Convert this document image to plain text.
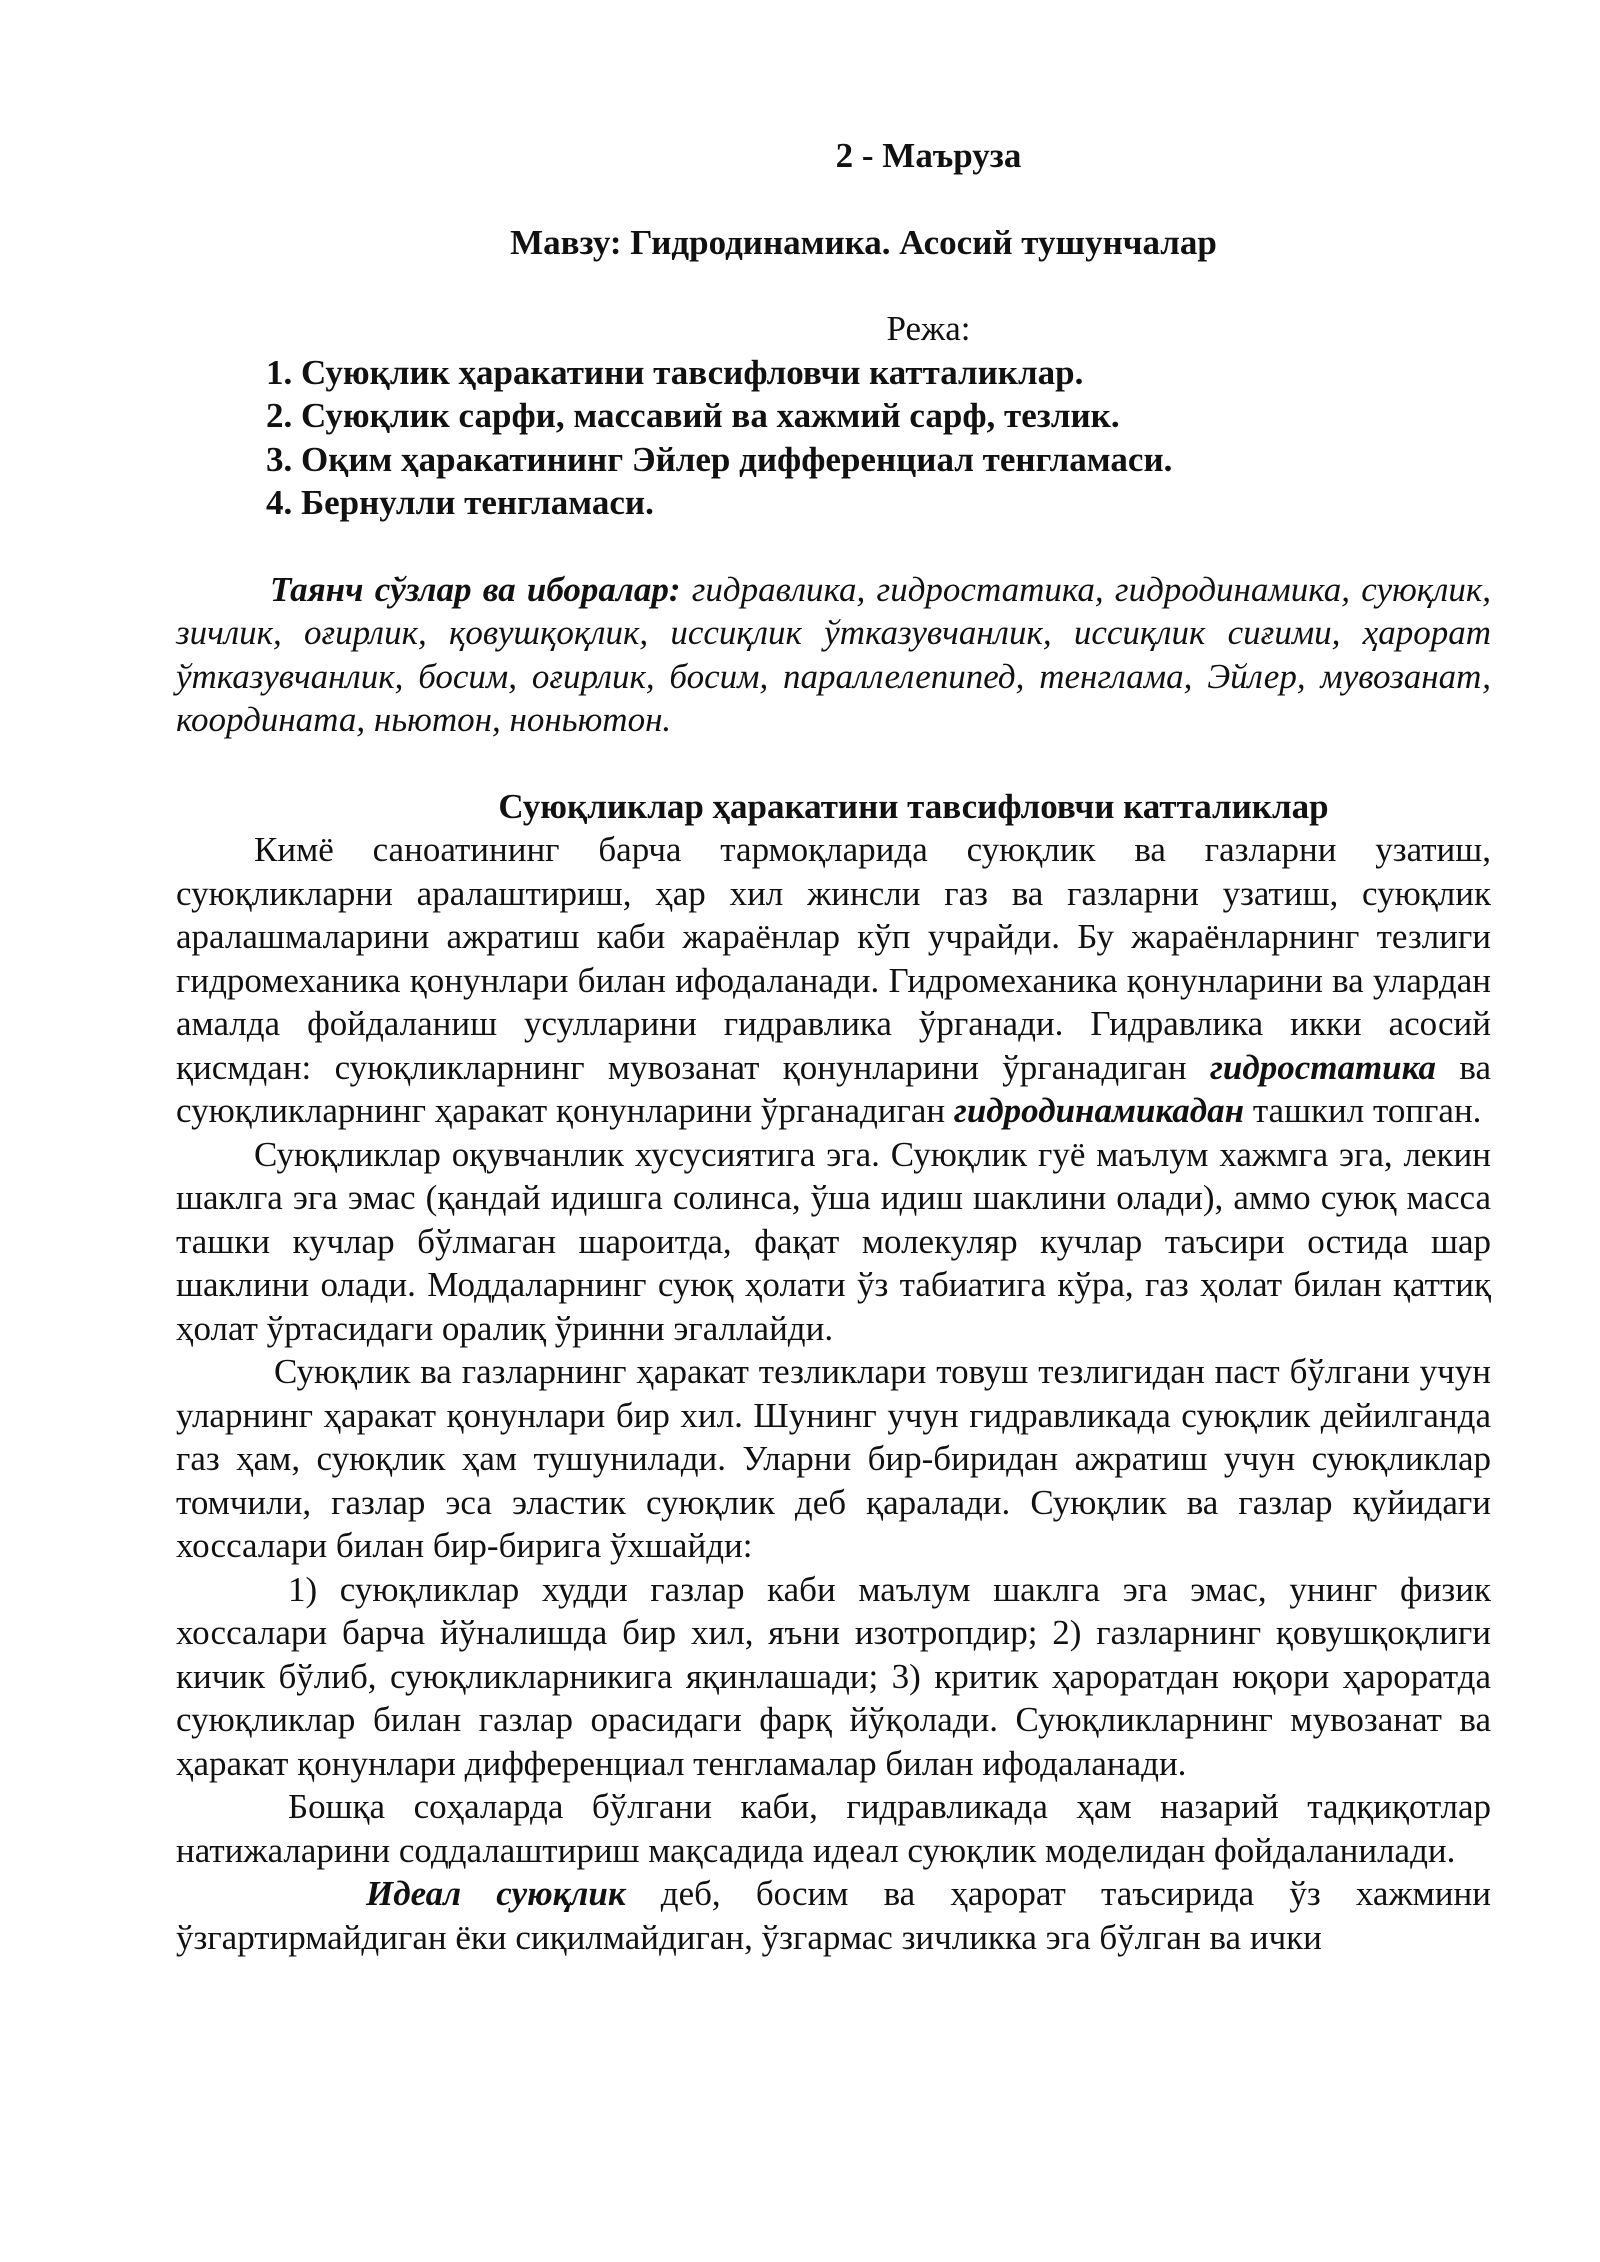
2 - Маъруза
Мавзу: Гидродинамика. Асосий тушунчалар
Режа:
1. Суюқлик ҳаракатини тавсифловчи катталиклар.
2. Суюқлик сарфи, массавий ва хажмий сарф, тезлик.
3. Оқим ҳаракатининг Эйлер дифференциал тенгламаси.
4. Бернулли тенгламаси.
Таянч сўзлар ва иборалар: гидравлика, гидростатика, гидродинамика, суюқлик, зичлик, оғирлик, қовушқоқлик, иссиқлик ўтказувчанлик, иссиқлик сиғими, ҳарорат ўтказувчанлик, босим, оғирлик, босим, параллелепипед, тенглама, Эйлер, мувозанат, координата, ньютон, ноньютон.
Суюқликлар ҳаракатини тавсифловчи катталиклар

Кимё саноатининг барча тармоқларида суюқлик ва газларни узатиш, суюқликларни аралаштириш, ҳар хил жинсли газ ва газларни узатиш, суюқлик аралашмаларини ажратиш каби жараёнлар кўп учрайди. Бу жараёнларнинг тезлиги гидромеханика қонунлари билан ифодаланади. Гидромеханика қонунларини ва улардан амалда фойдаланиш усулларини гидравлика ўрганади. Гидравлика икки асосий қисмдан: суюқликларнинг мувозанат қонунларини ўрганадиган гидростатика ва суюқликларнинг ҳаракат қонунларини ўрганадиган гидродинамикадан ташкил топган.

Суюқликлар оқувчанлик хусусиятига эга. Суюқлик гуё маълум хажмга эга, лекин шаклга эга эмас (қандай идишга солинса, ўша идиш шаклини олади), аммо суюқ масса ташки кучлар бўлмаган шароитда, фақат молекуляр кучлар таъсири остида шар шаклини олади. Моддаларнинг суюқ ҳолати ўз табиатига кўра, газ ҳолат билан қаттиқ ҳолат ўртасидаги оралиқ ўринни эгаллайди.

Суюқлик ва газларнинг ҳаракат тезликлари товуш тезлигидан паст бўлгани учун уларнинг ҳаракат қонунлари бир хил. Шунинг учун гидравликада суюқлик дейилганда газ ҳам, суюқлик ҳам тушунилади. Уларни бир-биридан ажратиш учун суюқликлар томчили, газлар эса эластик суюқлик деб қаралади. Суюқлик ва газлар қуйидаги хоссалари билан бир-бирига ўхшайди:

1) суюқликлар худди газлар каби маълум шаклга эга эмас, унинг физик хоссалари барча йўналишда бир хил, яъни изотропдир; 2) газларнинг қовушқоқлиги кичик бўлиб, суюқликларникига яқинлашади; 3) критик ҳароратдан юқори ҳароратда суюқликлар билан газлар орасидаги фарқ йўқолади. Суюқликларнинг мувозанат ва ҳаракат қонунлари дифференциал тенгламалар билан ифодаланади.

Бошқа соҳаларда бўлгани каби, гидравликада ҳам назарий тадқиқотлар натижаларини соддалаштириш мақсадида идеал суюқлик моделидан фойдаланилади.

Идеал суюқлик деб, босим ва ҳарорат таъсирида ўз хажмини ўзгартирмайдиган ёки сиқилмайдиган, ўзгармас зичликка эга бўлган ва ички
